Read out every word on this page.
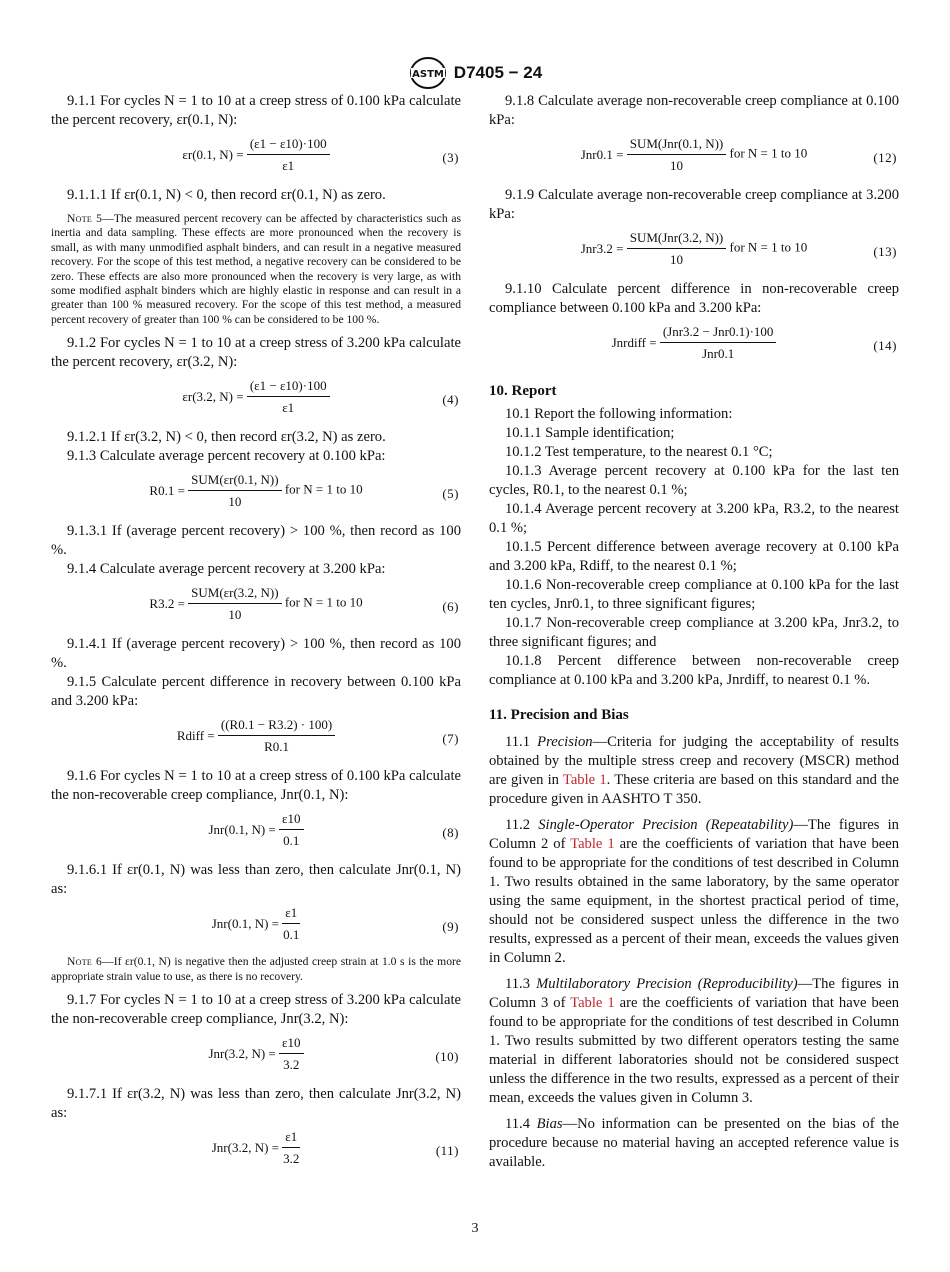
ASTM D7405 − 24

9.1.1 For cycles N = 1 to 10 at a creep stress of 0.100 kPa calculate the percent recovery, εr(0.1, N):

εr(0.1, $N) = \frac{(\varepsilon 1 - \varepsilon 10)\cdot 100}{\varepsilon 1}$	(3)

9.1.1.1 If εr(0.1, N) < 0, then record εr(0.1, N) as zero.

Note 5—The measured percent recovery can be affected by characteristics such as inertia and data sampling. These effects are more pronounced when the recovery is small, as with many unmodified asphalt binders, and can result in a negative measured recovery. For the scope of this test method, a negative recovery can be considered to be zero. These effects are also more pronounced when the recovery is very large, as with some modified asphalt binders which are highly elastic in response and can result in a greater than 100 % measured recovery. For the scope of this test method, a measured percent recovery of greater than 100 % can be considered to be 100 %.

9.1.2 For cycles N = 1 to 10 at a creep stress of 3.200 kPa calculate the percent recovery, εr(3.2, N):

εr(3.2, $N) = \frac{(\varepsilon 1 - \varepsilon 10)\cdot 100}{\varepsilon 1}$	(4)

9.1.2.1 If εr(3.2, N) < 0, then record εr(3.2, N) as zero.

9.1.3 Calculate average percent recovery at 0.100 kPa:

$R0.1 = \frac{\text{SUM(εr(0.1, N))}}{10}$ for N = 1 to 10	(5)

9.1.3.1 If (average percent recovery) > 100 %, then record as 100 %.

9.1.4 Calculate average percent recovery at 3.200 kPa:

$R3.2 = \frac{\text{SUM(εr(3.2, N))}}{10}$ for N = 1 to 10	(6)

9.1.4.1 If (average percent recovery) > 100 %, then record as 100 %.

9.1.5 Calculate percent difference in recovery between 0.100 kPa and 3.200 kPa:

Rdiff = $\frac{((R0.1 - R3.2) \cdot 100)}{R0.1}$	(7)

9.1.6 For cycles N = 1 to 10 at a creep stress of 0.100 kPa calculate the non-recoverable creep compliance, Jnr(0.1, N):

Jnr(0.1, $N) = \frac{\varepsilon 10}{0.1}$	(8)

9.1.6.1 If εr(0.1, N) was less than zero, then calculate Jnr(0.1, N) as:

Jnr(0.1, $N) = \frac{\varepsilon 1}{0.1}$	(9)

Note 6—If εr(0.1, N) is negative then the adjusted creep strain at 1.0 s is the more appropriate strain value to use, as there is no recovery.

9.1.7 For cycles N = 1 to 10 at a creep stress of 3.200 kPa calculate the non-recoverable creep compliance, Jnr(3.2, N):

Jnr(3.2, $N) = \frac{\varepsilon 10}{3.2}$	(10)

9.1.7.1 If εr(3.2, N) was less than zero, then calculate Jnr(3.2, N) as:

Jnr(3.2, $N) = \frac{\varepsilon 1}{3.2}$	(11)

9.1.8 Calculate average non-recoverable creep compliance at 0.100 kPa:

$Jnr0.1 = \frac{\text{SUM(Jnr(0.1, N))}}{10}$ for N = 1 to 10	(12)

9.1.9 Calculate average non-recoverable creep compliance at 3.200 kPa:

$Jnr3.2 = \frac{\text{SUM(Jnr(3.2, N))}}{10}$ for N = 1 to 10	(13)

9.1.10 Calculate percent difference in non-recoverable creep compliance between 0.100 kPa and 3.200 kPa:

Jnrdiff = $\frac{\text{(Jnr3.2 − Jnr0.1)·100}}{\text{Jnr0.1}}$	(14)

10. Report

10.1 Report the following information:

10.1.1 Sample identification;

10.1.2 Test temperature, to the nearest 0.1 °C;

10.1.3 Average percent recovery at 0.100 kPa for the last ten cycles, R0.1, to the nearest 0.1 %;

10.1.4 Average percent recovery at 3.200 kPa, R3.2, to the nearest 0.1 %;

10.1.5 Percent difference between average recovery at 0.100 kPa and 3.200 kPa, Rdiff, to the nearest 0.1 %;

10.1.6 Non-recoverable creep compliance at 0.100 kPa for the last ten cycles, Jnr0.1, to three significant figures;

10.1.7 Non-recoverable creep compliance at 3.200 kPa, Jnr3.2, to three significant figures; and

10.1.8 Percent difference between non-recoverable creep compliance at 0.100 kPa and 3.200 kPa, Jnrdiff, to nearest 0.1 %.

11. Precision and Bias

11.1 Precision—Criteria for judging the acceptability of results obtained by the multiple stress creep and recovery (MSCR) method are given in Table 1. These criteria are based on this standard and the procedure given in AASHTO T 350.

11.2 Single-Operator Precision (Repeatability)—The figures in Column 2 of Table 1 are the coefficients of variation that have been found to be appropriate for the conditions of test described in Column 1. Two results obtained in the same laboratory, by the same operator using the same equipment, in the shortest practical period of time, should not be considered suspect unless the difference in the two results, expressed as a percent of their mean, exceeds the values given in Column 2.

11.3 Multilaboratory Precision (Reproducibility)—The figures in Column 3 of Table 1 are the coefficients of variation that have been found to be appropriate for the conditions of test described in Column 1. Two results submitted by two different operators testing the same material in different laboratories should not be considered suspect unless the difference in the two results, expressed as a percent of their mean, exceeds the values given in Column 3.

11.4 Bias—No information can be presented on the bias of the procedure because no material having an accepted reference value is available.

3
